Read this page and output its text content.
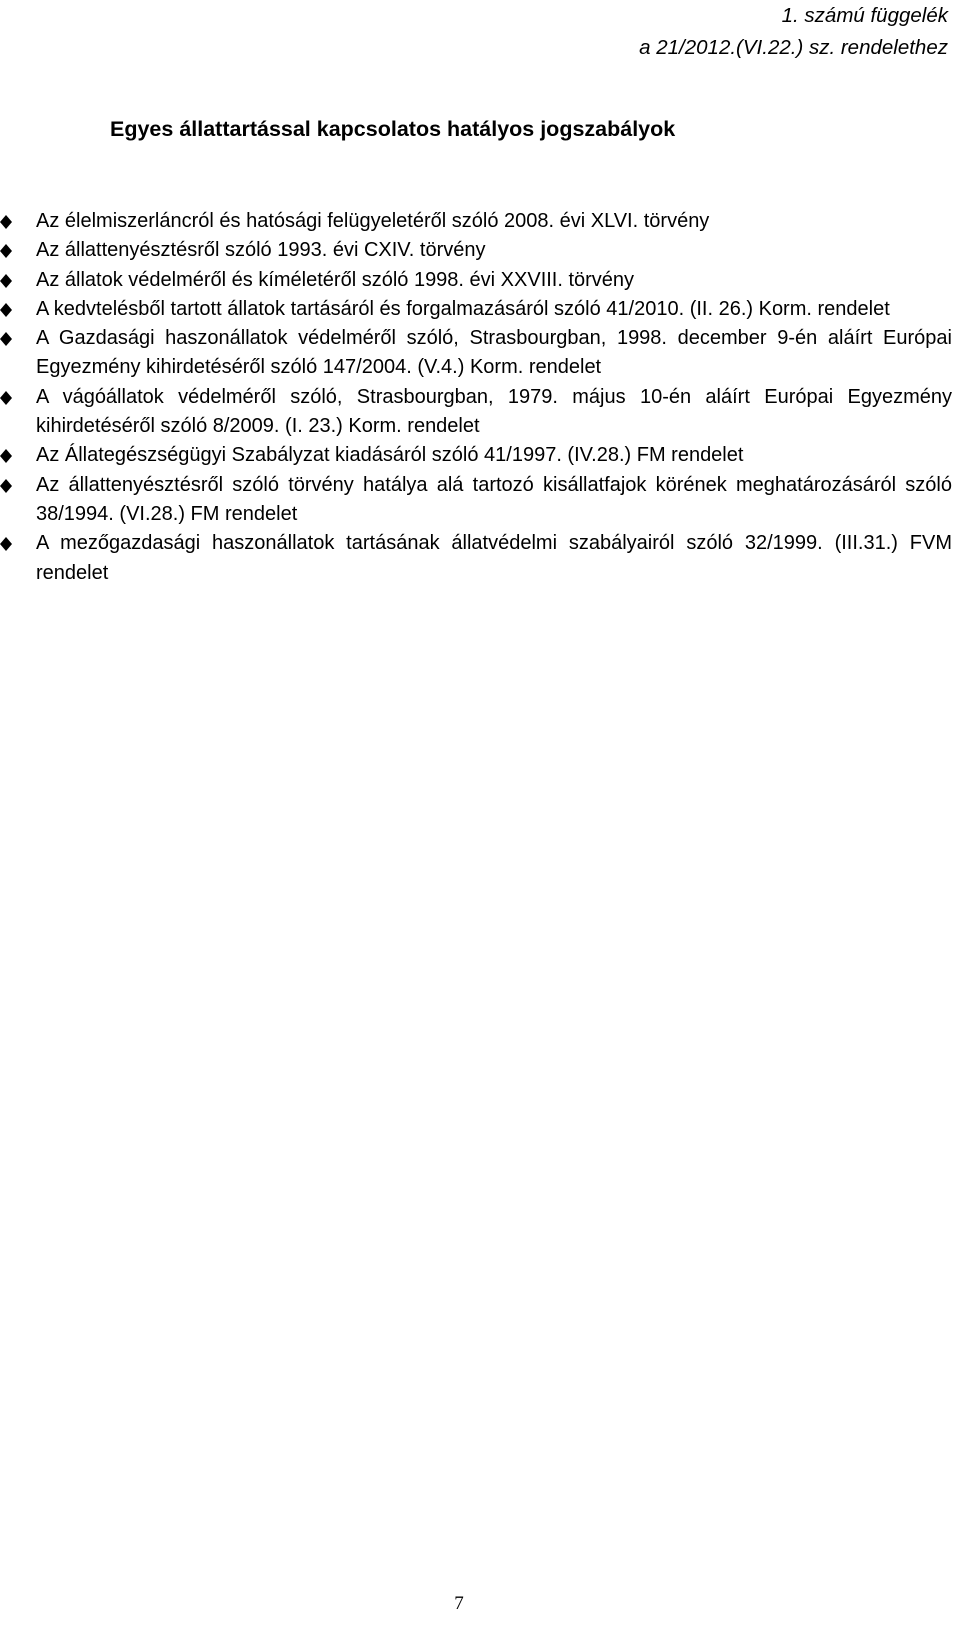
1. számú függelék
a 21/2012.(VI.22.) sz. rendelethez
Egyes állattartással kapcsolatos hatályos jogszabályok
Az élelmiszerláncról és hatósági felügyeletéről szóló 2008. évi XLVI. törvény
Az állattenyésztésről szóló 1993. évi CXIV. törvény
Az állatok védelméről és kíméletéről szóló 1998. évi XXVIII. törvény
A kedvtelésből tartott állatok tartásáról és forgalmazásáról szóló 41/2010. (II. 26.) Korm. rendelet
A Gazdasági haszonállatok védelméről szóló, Strasbourgban, 1998. december 9-én aláírt Európai Egyezmény kihirdetéséről szóló 147/2004. (V.4.) Korm. rendelet
A vágóállatok védelméről szóló, Strasbourgban, 1979. május 10-én aláírt Európai Egyezmény kihirdetéséről szóló 8/2009. (I. 23.) Korm. rendelet
Az Állategészségügyi Szabályzat kiadásáról szóló 41/1997. (IV.28.) FM rendelet
Az állattenyésztésről szóló törvény hatálya alá tartozó kisállatfajok körének meghatározásáról szóló 38/1994. (VI.28.) FM rendelet
A mezőgazdasági haszonállatok tartásának állatvédelmi szabályairól szóló 32/1999. (III.31.) FVM rendelet
7
